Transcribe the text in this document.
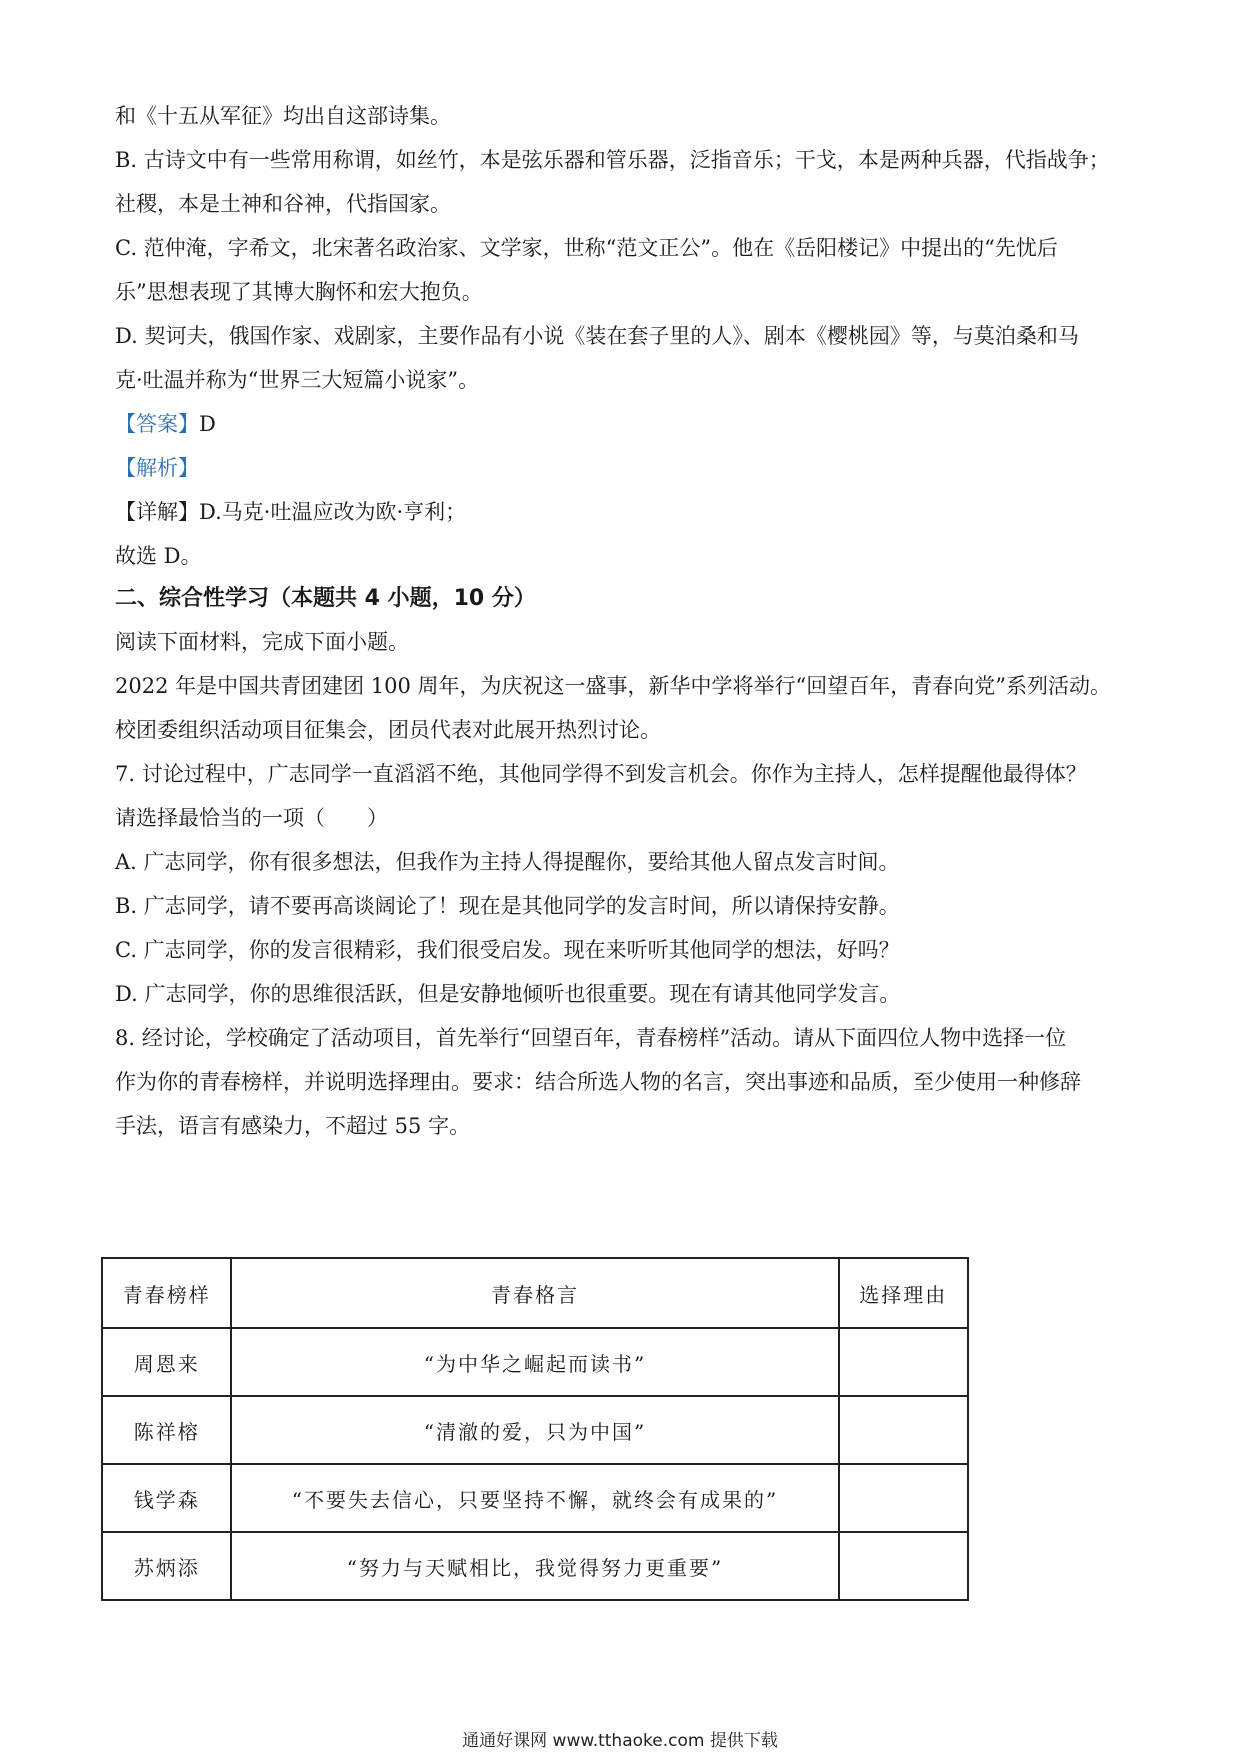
和《十五从军征》均出自这部诗集。
B. 古诗文中有一些常用称谓，如丝竹，本是弦乐器和管乐器，泛指音乐；干戈，本是两种兵器，代指战争；
社稷，本是土神和谷神，代指国家。
C. 范仲淹，字希文，北宋著名政治家、文学家，世称“范文正公”。他在《岳阳楼记》中提出的“先忧后
乐”思想表现了其博大胸怀和宏大抱负。
D. 契诃夫，俄国作家、戏剧家，主要作品有小说《装在套子里的人》、剧本《樱桃园》等，与莫泊桑和马
克·吐温并称为“世界三大短篇小说家”。
【答案】D
【解析】
【详解】D.马克·吐温应改为欧·亨利；
故选 D。
二、综合性学习（本题共 4 小题，10 分）
阅读下面材料，完成下面小题。
2022 年是中国共青团建团 100 周年，为庆祝这一盛事，新华中学将举行“回望百年，青春向党”系列活动。
校团委组织活动项目征集会，团员代表对此展开热烈讨论。
7. 讨论过程中，广志同学一直滔滔不绝，其他同学得不到发言机会。你作为主持人，怎样提醒他最得体？
请选择最恰当的一项（　　）
A. 广志同学，你有很多想法，但我作为主持人得提醒你，要给其他人留点发言时间。
B. 广志同学，请不要再高谈阔论了！现在是其他同学的发言时间，所以请保持安静。
C. 广志同学，你的发言很精彩，我们很受启发。现在来听听其他同学的想法，好吗？
D. 广志同学，你的思维很活跃，但是安静地倾听也很重要。现在有请其他同学发言。
8. 经讨论，学校确定了活动项目，首先举行“回望百年，青春榜样”活动。请从下面四位人物中选择一位
作为你的青春榜样，并说明选择理由。要求：结合所选人物的名言，突出事迹和品质，至少使用一种修辞
手法，语言有感染力，不超过 55 字。
青春榜样	青春格言	选择理由
周恩来	“为中华之崛起而读书”	
陈祥榕	“清澈的爱，只为中国”	
钱学森	“不要失去信心，只要坚持不懈，就终会有成果的”	
苏炳添	“努力与天赋相比，我觉得努力更重要”	
通通好课网 www.tthaoke.com 提供下载
